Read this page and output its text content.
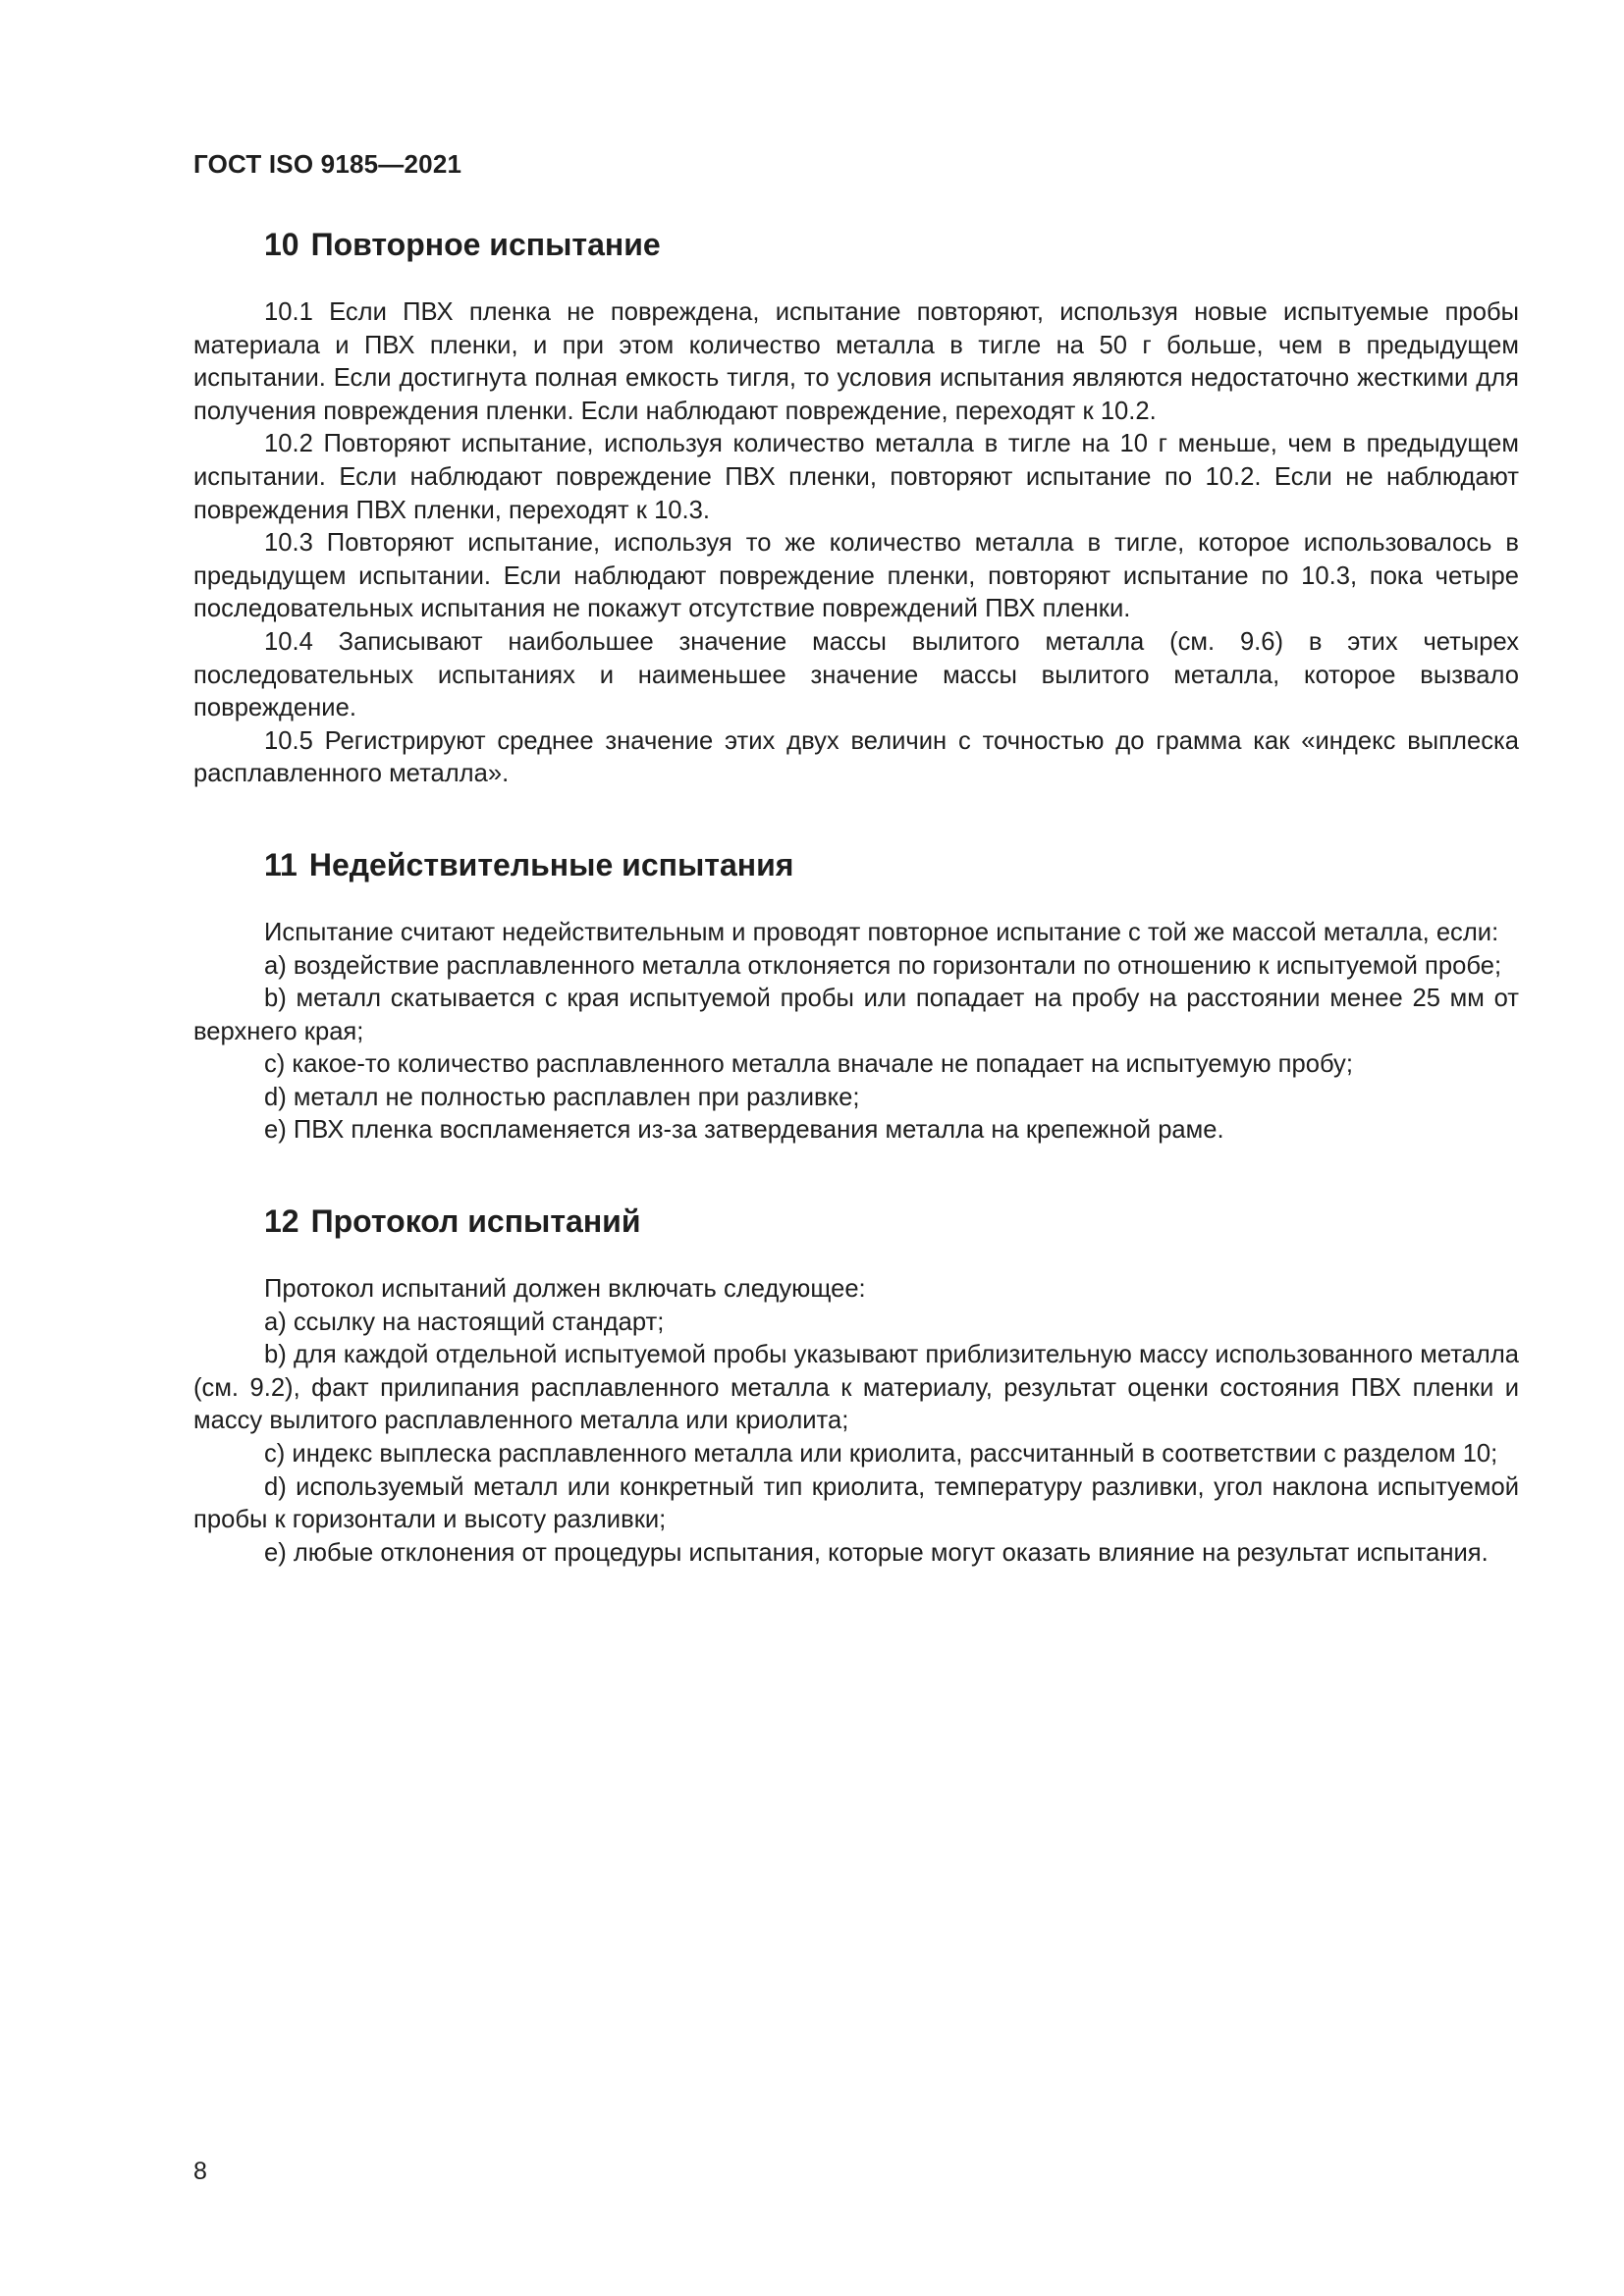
ГОСТ ISO 9185—2021
10 Повторное испытание

10.1 Если ПВХ пленка не повреждена, испытание повторяют, используя новые испытуемые пробы материала и ПВХ пленки, и при этом количество металла в тигле на 50 г больше, чем в предыдущем испытании. Если достигнута полная емкость тигля, то условия испытания являются недостаточно жесткими для получения повреждения пленки. Если наблюдают повреждение, переходят к 10.2.

10.2 Повторяют испытание, используя количество металла в тигле на 10 г меньше, чем в предыдущем испытании. Если наблюдают повреждение ПВХ пленки, повторяют испытание по 10.2. Если не наблюдают повреждения ПВХ пленки, переходят к 10.3.

10.3 Повторяют испытание, используя то же количество металла в тигле, которое использовалось в предыдущем испытании. Если наблюдают повреждение пленки, повторяют испытание по 10.3, пока четыре последовательных испытания не покажут отсутствие повреждений ПВХ пленки.

10.4 Записывают наибольшее значение массы вылитого металла (см. 9.6) в этих четырех последовательных испытаниях и наименьшее значение массы вылитого металла, которое вызвало повреждение.

10.5 Регистрируют среднее значение этих двух величин с точностью до грамма как «индекс выплеска расплавленного металла».

11 Недействительные испытания

Испытание считают недействительным и проводят повторное испытание с той же массой металла, если:

a) воздействие расплавленного металла отклоняется по горизонтали по отношению к испытуемой пробе;

b) металл скатывается с края испытуемой пробы или попадает на пробу на расстоянии менее 25 мм от верхнего края;

c) какое-то количество расплавленного металла вначале не попадает на испытуемую пробу;

d) металл не полностью расплавлен при разливке;

e) ПВХ пленка воспламеняется из-за затвердевания металла на крепежной раме.

12 Протокол испытаний

Протокол испытаний должен включать следующее:

a) ссылку на настоящий стандарт;

b) для каждой отдельной испытуемой пробы указывают приблизительную массу использованного металла (см. 9.2), факт прилипания расплавленного металла к материалу, результат оценки состояния ПВХ пленки и массу вылитого расплавленного металла или криолита;

c) индекс выплеска расплавленного металла или криолита, рассчитанный в соответствии с разделом 10;

d) используемый металл или конкретный тип криолита, температуру разливки, угол наклона испытуемой пробы к горизонтали и высоту разливки;

e) любые отклонения от процедуры испытания, которые могут оказать влияние на результат испытания.

8
